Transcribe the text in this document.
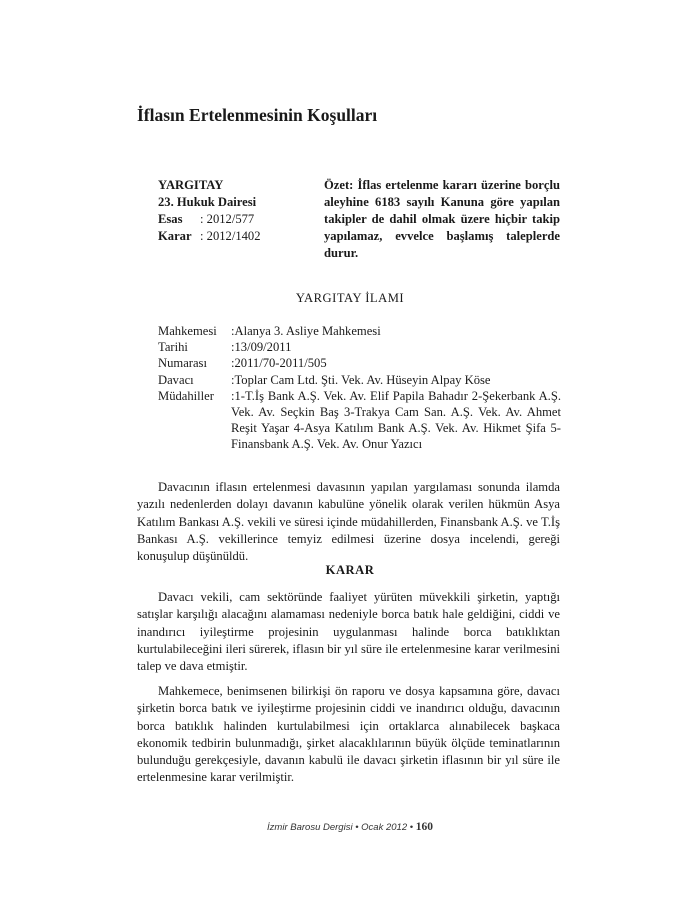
İflasın Ertelenmesinin Koşulları
YARGITAY
23. Hukuk Dairesi
Esas : 2012/577
Karar : 2012/1402
Özet: İflas ertelenme kararı üzerine borçlu aleyhine 6183 sayılı Kanuna göre yapılan takipler de dahil olmak üzere hiçbir takip yapılamaz, evvelce başlamış taleplerde durur.
YARGITAY İLAMI
Mahkemesi	:Alanya 3. Asliye Mahkemesi
Tarihi	:13/09/2011
Numarası	:2011/70-2011/505
Davacı	:Toplar Cam Ltd. Şti. Vek. Av. Hüseyin Alpay Köse
Müdahiller	:1-T.İş Bank A.Ş. Vek. Av. Elif Papila Bahadır 2-Şekerbank A.Ş. Vek. Av. Seçkin Baş 3-Trakya Cam San. A.Ş. Vek. Av. Ahmet Reşit Yaşar 4-Asya Katılım Bank A.Ş. Vek. Av. Hikmet Şifa 5-Finansbank A.Ş. Vek. Av. Onur Yazıcı
Davacının iflasın ertelenmesi davasının yapılan yargılaması sonunda ilamda yazılı nedenlerden dolayı davanın kabulüne yönelik olarak verilen hükmün Asya Katılım Bankası A.Ş. vekili ve süresi içinde müdahillerden, Finansbank A.Ş. ve T.İş Bankası A.Ş. vekillerince temyiz edilmesi üzerine dosya incelendi, gereği konuşulup düşünüldü.
KARAR
Davacı vekili, cam sektöründe faaliyet yürüten müvekkili şirketin, yaptığı satışlar karşılığı alacağını alamaması nedeniyle borca batık hale geldiğini, ciddi ve inandırıcı iyileştirme projesinin uygulanması halinde borca batıklıktan kurtulabileceğini ileri sürerek, iflasın bir yıl süre ile ertelenmesine karar verilmesini talep ve dava etmiştir.
Mahkemece, benimsenen bilirkişi ön raporu ve dosya kapsamına göre, davacı şirketin borca batık ve iyileştirme projesinin ciddi ve inandırıcı olduğu, davacının borca batıklık halinden kurtulabilmesi için ortaklarca alınabilecek başkaca ekonomik tedbirin bulunmadığı, şirket alacaklılarının büyük ölçüde teminatlarının bulunduğu gerekçesiyle, davanın kabulü ile davacı şirketin iflasının bir yıl süre ile ertelenmesine karar verilmiştir.
İzmir Barosu Dergisi • Ocak 2012 • 160
